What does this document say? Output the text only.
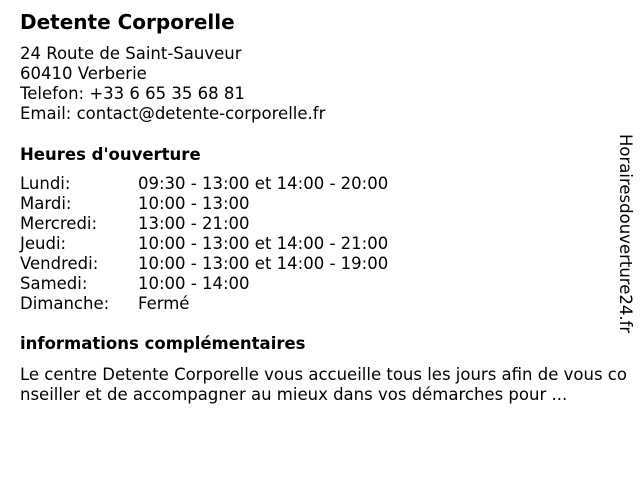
Detente Corporelle
24 Route de Saint-Sauveur
60410 Verberie
Telefon: +33 6 65 35 68 81
Email: contact@detente-corporelle.fr
Heures d'ouverture
Lundi:	09:30 - 13:00 et 14:00 - 20:00
Mardi:	10:00 - 13:00
Mercredi: 13:00 - 21:00
Jeudi:	10:00 - 13:00 et 14:00 - 21:00
Vendredi: 10:00 - 13:00 et 14:00 - 19:00
Samedi:	10:00 - 14:00
Dimanche: Fermé
informations complémentaires
Le centre Detente Corporelle vous accueille tous les jours afin de vous conseiller et de accompagner au mieux dans vos démarches pour ...
Horairesdouverture24.fr
